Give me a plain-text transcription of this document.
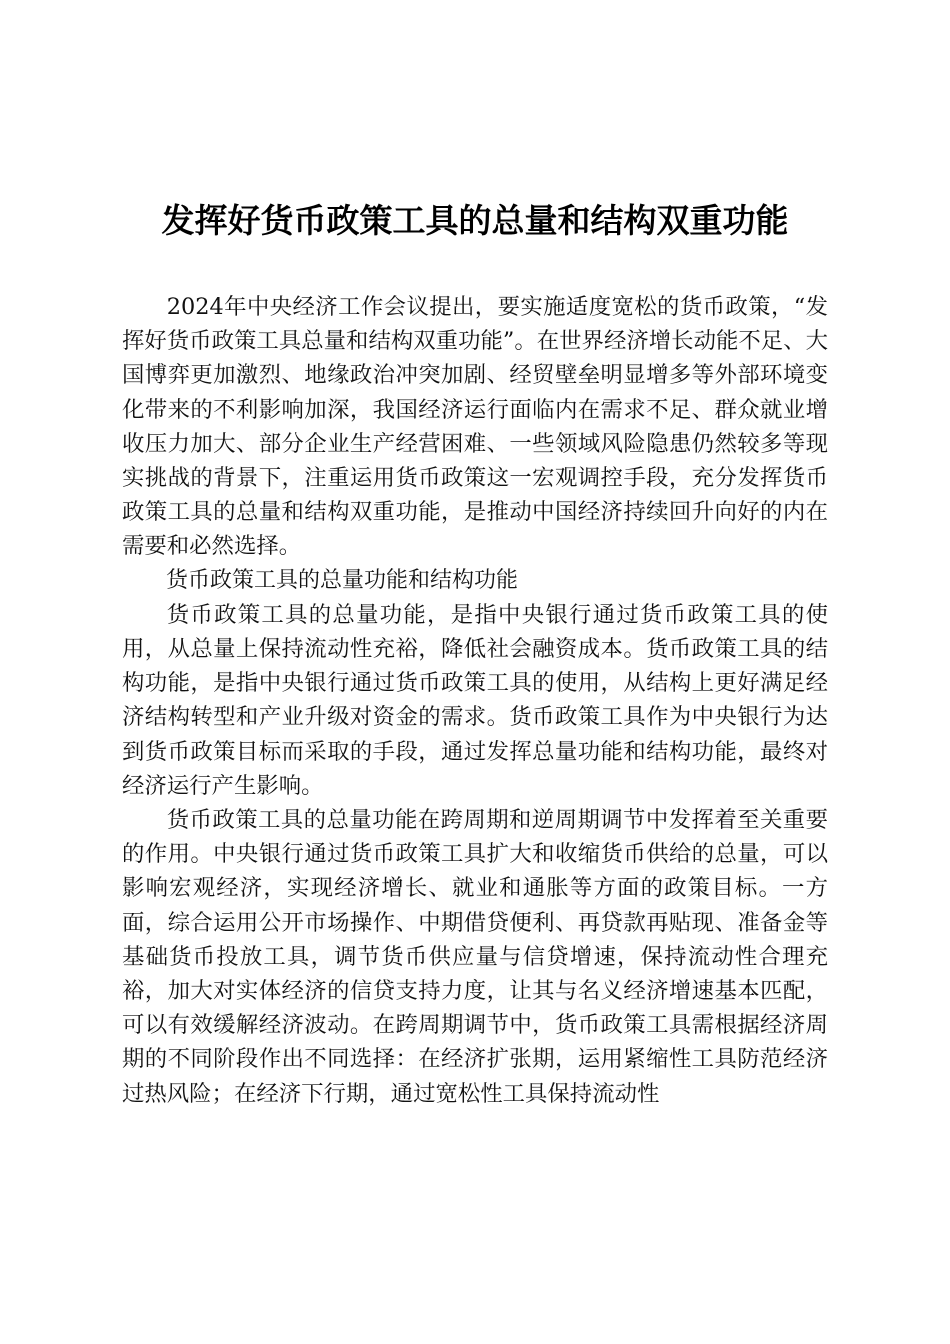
发挥好货币政策工具的总量和结构双重功能

2024年中央经济工作会议提出，要实施适度宽松的货币政策，“发挥好货币政策工具总量和结构双重功能”。在世界经济增长动能不足、大国博弈更加激烈、地缘政治冲突加剧、经贸壁垒明显增多等外部环境变化带来的不利影响加深，我国经济运行面临内在需求不足、群众就业增收压力加大、部分企业生产经营困难、一些领域风险隐患仍然较多等现实挑战的背景下，注重运用货币政策这一宏观调控手段，充分发挥货币政策工具的总量和结构双重功能，是推动中国经济持续回升向好的内在需要和必然选择。

货币政策工具的总量功能和结构功能

货币政策工具的总量功能，是指中央银行通过货币政策工具的使用，从总量上保持流动性充裕，降低社会融资成本。货币政策工具的结构功能，是指中央银行通过货币政策工具的使用，从结构上更好满足经济结构转型和产业升级对资金的需求。货币政策工具作为中央银行为达到货币政策目标而采取的手段，通过发挥总量功能和结构功能，最终对经济运行产生影响。

货币政策工具的总量功能在跨周期和逆周期调节中发挥着至关重要的作用。中央银行通过货币政策工具扩大和收缩货币供给的总量，可以影响宏观经济，实现经济增长、就业和通胀等方面的政策目标。一方面，综合运用公开市场操作、中期借贷便利、再贷款再贴现、准备金等基础货币投放工具，调节货币供应量与信贷增速，保持流动性合理充裕，加大对实体经济的信贷支持力度，让其与名义经济增速基本匹配，可以有效缓解经济波动。在跨周期调节中，货币政策工具需根据经济周期的不同阶段作出不同选择：在经济扩张期，运用紧缩性工具防范经济过热风险；在经济下行期，通过宽松性工具保持流动性
